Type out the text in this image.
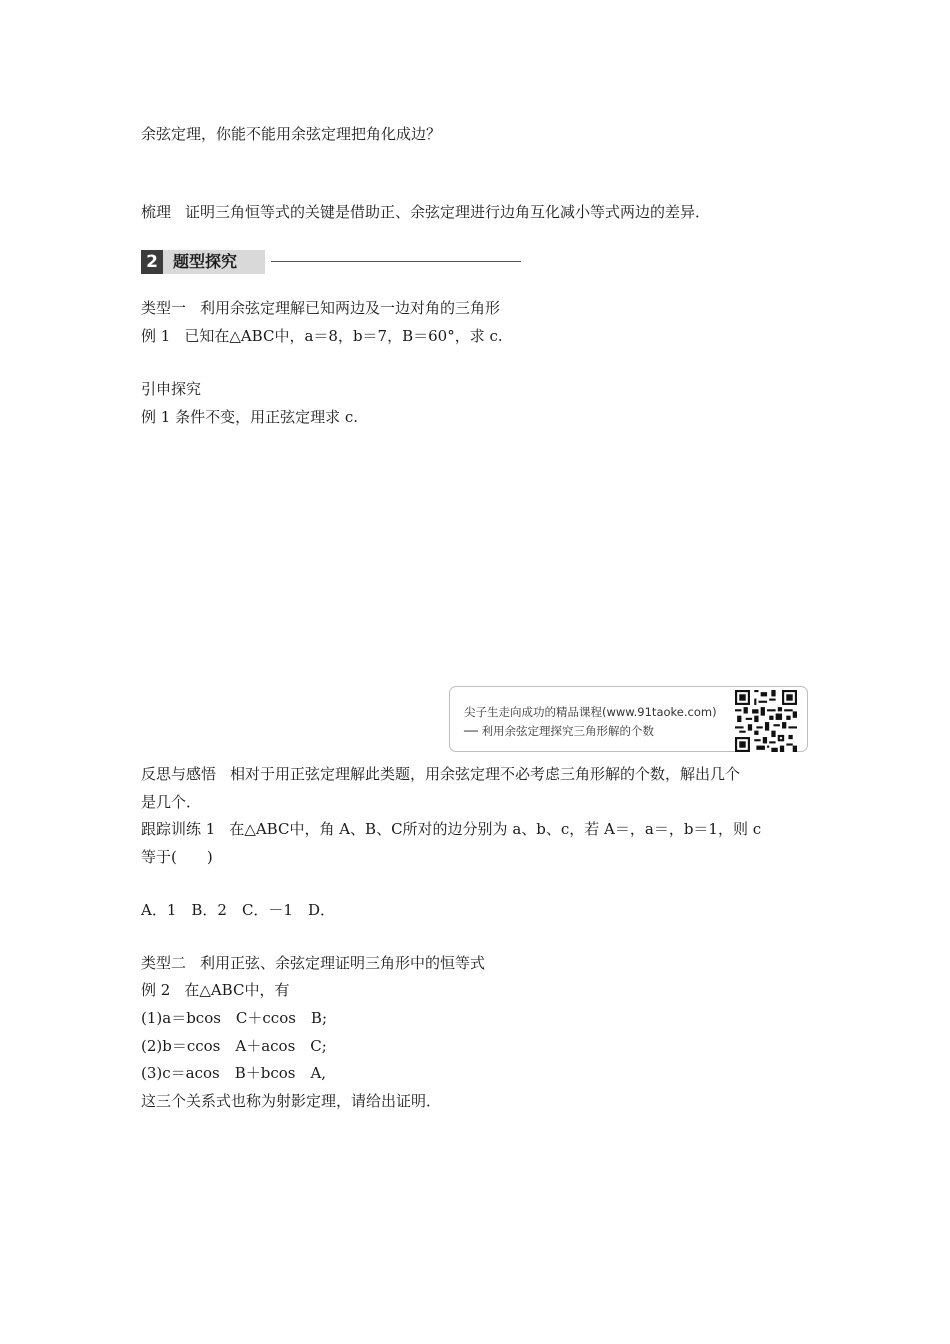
余弦定理，你能不能用余弦定理把角化成边？
梳理 证明三角恒等式的关键是借助正、余弦定理进行边角互化减小等式两边的差异．
2 题型探究
类型一 利用余弦定理解已知两边及一边对角的三角形
例 1 已知在△ABC中，a＝8，b＝7，B＝60°，求 c.
引申探究
例 1 条件不变，用正弦定理求 c.
尖子生走向成功的精品课程(www.91taoke.com)
── 利用余弦定理探究三角形解的个数
反思与感悟 相对于用正弦定理解此类题，用余弦定理不必考虑三角形解的个数，解出几个
是几个．
跟踪训练 1 在△ABC中，角 A、B、C所对的边分别为 a、b、c，若 A＝，a＝，b＝1，则 c
等于(　　)
A．1　B．2　C．－1　D．
类型二 利用正弦、余弦定理证明三角形中的恒等式
例 2 在△ABC中，有
(1)a＝bcos　C＋ccos　B;
(2)b＝ccos　A＋acos　C;
(3)c＝acos　B＋bcos　A,
这三个关系式也称为射影定理，请给出证明．
